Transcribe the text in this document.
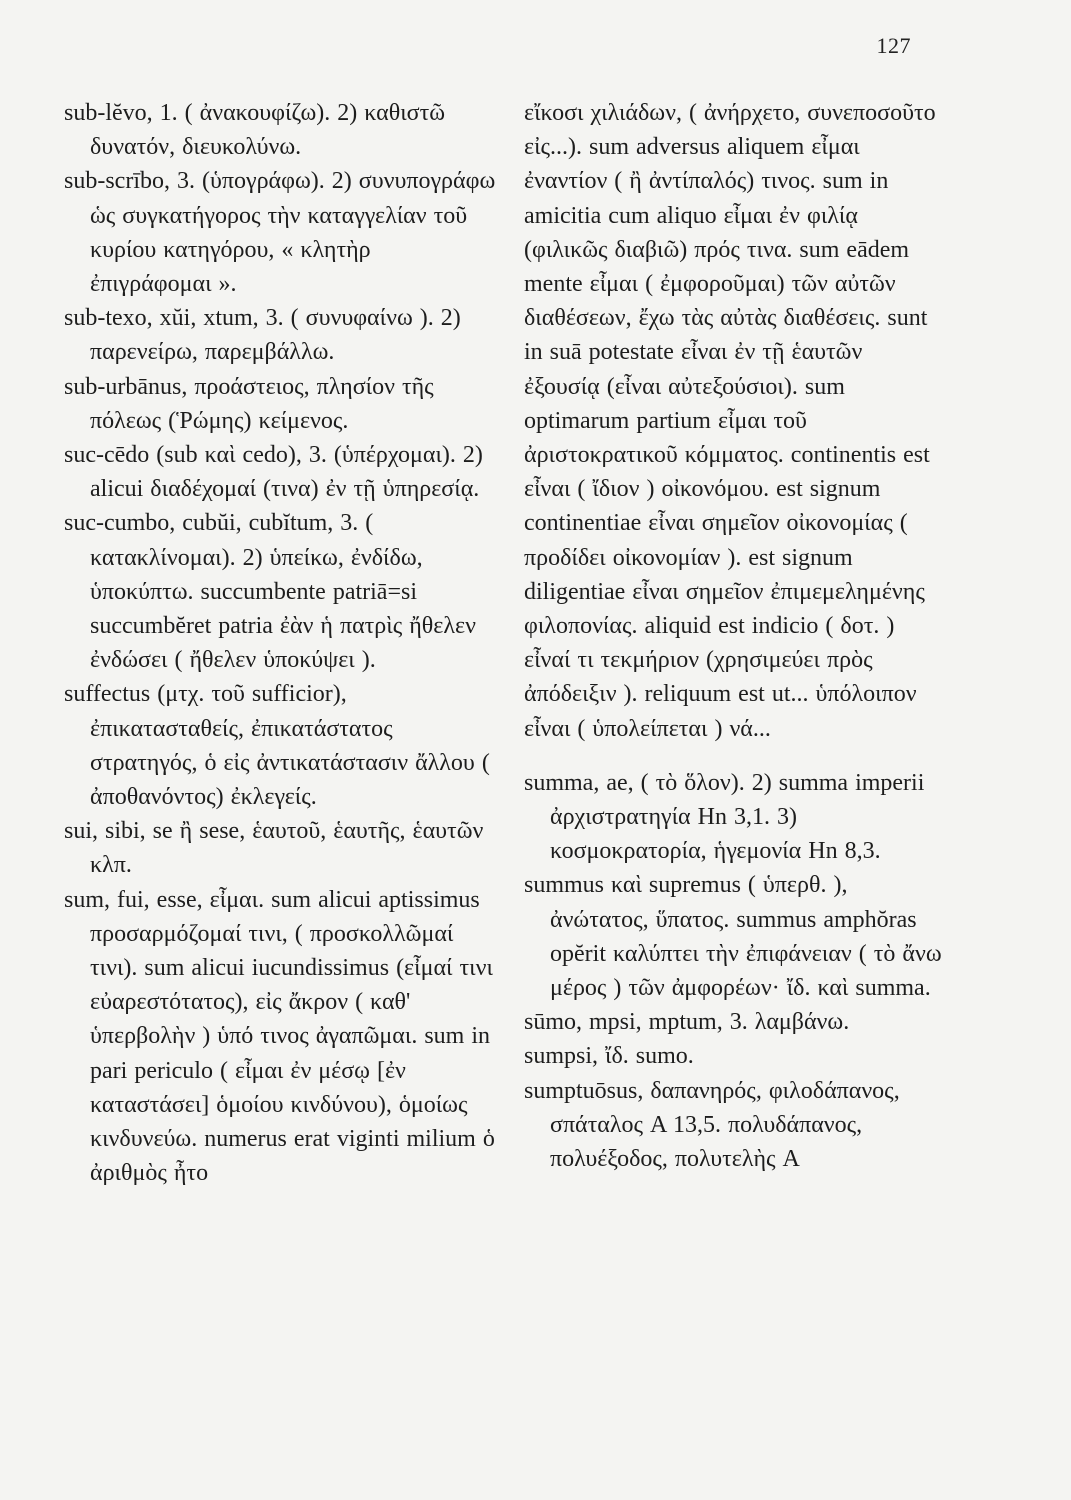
127

sub-lĕvo, 1. ( ἀνακουφίζω). 2) καθιστῶ δυνατόν, διευκολύνω.

sub-scrībo, 3. (ὑπογράφω). 2) συνυπογράφω ὡς συγκατήγορος τὴν καταγγελίαν τοῦ κυρίου κατηγόρου, « κλητὴρ ἐπιγράφομαι ».

sub-texo, xŭi, xtum, 3. ( συνυφαίνω ). 2) παρενείρω, παρεμβάλλω.

sub-urbānus, προάστειος, πλησίον τῆς πόλεως (Ῥώμης) κείμενος.

suc-cēdo (sub καὶ cedo), 3. (ὑπέρχομαι). 2) alicui διαδέχομαί (τινα) ἐν τῇ ὑπηρεσίᾳ.

suc-cumbo, cubŭi, cubĭtum, 3. ( κατακλίνομαι). 2) ὑπείκω, ἐνδίδω, ὑποκύπτω. succumbente patriā=si succumbĕret patria ἐὰν ἡ πατρὶς ἤθελεν ἐνδώσει ( ἤθελεν ὑποκύψει ).

suffectus (μτχ. τοῦ sufficior), ἐπικατασταθείς, ἐπικατάστατος στρατηγός, ὁ εἰς ἀντικατάστασιν ἄλλου ( ἀποθανόντος) ἐκλεγείς.

sui, sibi, se ἢ sese, ἑαυτοῦ, ἑαυτῆς, ἑαυτῶν κλπ.

sum, fui, esse, εἶμαι. sum alicui aptissimus προσαρμόζομαί τινι, ( προσκολλῶμαί τινι). sum alicui iucundissimus (εἶμαί τινι εὐαρεστότατος), εἰς ἄκρον ( καθ' ὑπερβολὴν ) ὑπό τινος ἀγαπῶμαι. sum in pari periculo ( εἶμαι ἐν μέσῳ [ἐν καταστάσει] ὁμοίου κινδύνου), ὁμοίως κινδυνεύω. numerus erat viginti milium ὁ ἀριθμὸς ἦτο

εἴκοσι χιλιάδων, ( ἀνήρχετο, συνεποσοῦτο εἰς...). sum adversus aliquem εἶμαι ἐναντίον ( ἢ ἀντίπαλός) τινος. sum in amicitia cum aliquo εἶμαι ἐν φιλίᾳ (φιλικῶς διαβιῶ) πρός τινα. sum eādem mente εἶμαι ( ἐμφοροῦμαι) τῶν αὐτῶν διαθέσεων, ἔχω τὰς αὐτὰς διαθέσεις. sunt in suā potestate εἶναι ἐν τῇ ἑαυτῶν ἐξουσίᾳ (εἶναι αὐτεξούσιοι). sum optimarum partium εἶμαι τοῦ ἀριστοκρατικοῦ κόμματος. continentis est εἶναι ( ἴδιον ) οἰκονόμου. est signum continentiae εἶναι σημεῖον οἰκονομίας ( προδίδει οἰκονομίαν ). est signum diligentiae εἶναι σημεῖον ἐπιμεμελημένης φιλοπονίας. aliquid est indicio ( δοτ. ) εἶναί τι τεκμήριον (χρησιμεύει πρὸς ἀπόδειξιν ). reliquum est ut... ὑπόλοιπον εἶναι ( ὑπολείπεται ) νά...

summa, ae, ( τὸ ὅλον). 2) summa imperii ἀρχιστρατηγία Hn 3,1. 3) κοσμοκρατορία, ἡγεμονία Hn 8,3.

summus καὶ supremus ( ὑπερθ. ), ἀνώτατος, ὕπατος. summus amphŏras opĕrit καλύπτει τὴν ἐπιφάνειαν ( τὸ ἄνω μέρος ) τῶν ἀμφορέων· ἴδ. καὶ summa.

sūmo, mpsi, mptum, 3. λαμβάνω.

sumpsi, ἴδ. sumo.

sumptuōsus, δαπανηρός, φιλοδάπανος, σπάταλος A 13,5. πολυδάπανος, πολυέξοδος, πολυτελὴς A
